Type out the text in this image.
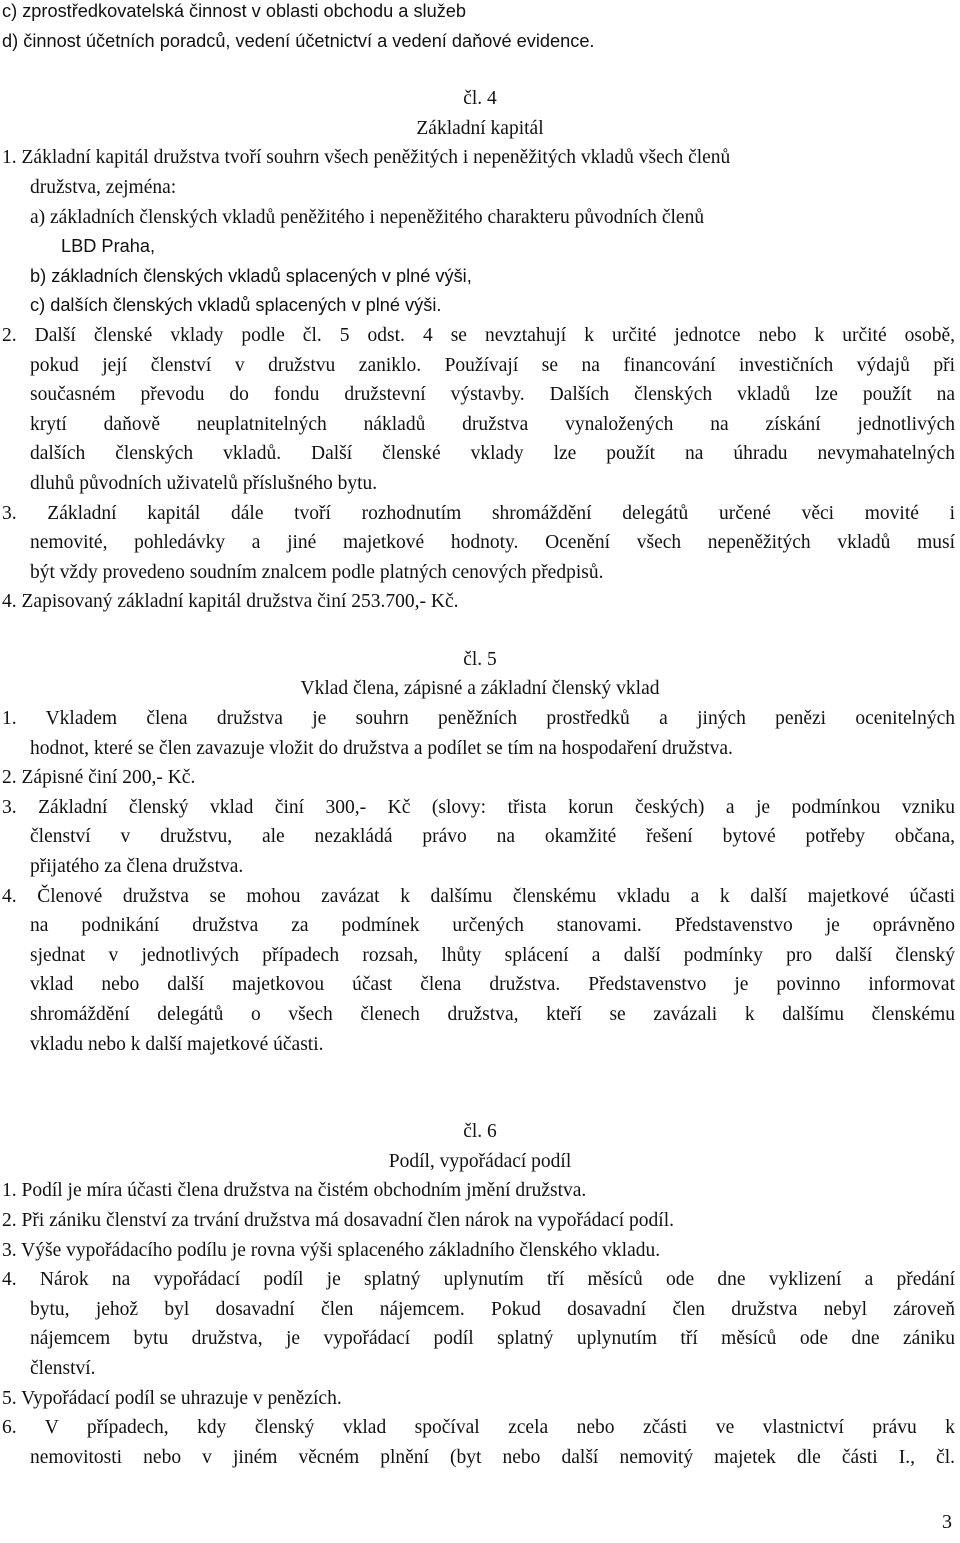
c) zprostředkovatelská činnost v oblasti obchodu a služeb
d) činnost účetních poradců, vedení účetnictví a vedení daňové evidence.
čl. 4
Základní kapitál
1. Základní kapitál družstva tvoří souhrn všech peněžitých i nepeněžitých vkladů všech členů
družstva, zejména:
a) základních členských vkladů peněžitého i nepeněžitého charakteru původních členů
LBD Praha,
b) základních členských vkladů splacených v plné výši,
c) dalších členských vkladů splacených v plné výši.
2. Další členské vklady podle čl. 5 odst. 4 se nevztahují k určité jednotce nebo k určité osobě,
pokud její členství v družstvu zaniklo. Používají se na financování investičních výdajů při
současném převodu do fondu družstevní výstavby. Dalších členských vkladů lze použít na
krytí daňově neuplatnitelných nákladů družstva vynaložených na získání jednotlivých
dalších členských vkladů. Další členské vklady lze použít na úhradu nevymahatelných
dluhů původních uživatelů příslušného bytu.
3. Základní kapitál dále tvoří rozhodnutím shromáždění delegátů určené věci movité i
nemovité, pohledávky a jiné majetkové hodnoty. Ocenění všech nepeněžitých vkladů musí
být vždy provedeno soudním znalcem podle platných cenových předpisů.
4. Zapisovaný základní kapitál družstva činí 253.700,- Kč.
čl. 5
Vklad člena, zápisné a základní členský vklad
1. Vkladem člena družstva je souhrn peněžních prostředků a jiných penězi ocenitelných
hodnot, které se člen zavazuje vložit do družstva a podílet se tím na hospodaření družstva.
2. Zápisné činí 200,- Kč.
3. Základní členský vklad činí 300,- Kč (slovy: třista korun českých) a je podmínkou vzniku
členství v družstvu, ale nezakládá právo na okamžité řešení bytové potřeby občana,
přijatého za člena družstva.
4. Členové družstva se mohou zavázat k dalšímu členskému vkladu a k další majetkové účasti
na podnikání družstva za podmínek určených stanovami. Představenstvo je oprávněno
sjednat v jednotlivých případech rozsah, lhůty splácení a další podmínky pro další členský
vklad nebo další majetkovou účast člena družstva. Představenstvo je povinno informovat
shromáždění delegátů o všech členech družstva, kteří se zavázali k dalšímu členskému
vkladu nebo k další majetkové účasti.
čl. 6
Podíl, vypořádací podíl
1. Podíl je míra účasti člena družstva na čistém obchodním jmění družstva.
2. Při zániku členství za trvání družstva má dosavadní člen nárok na vypořádací podíl.
3. Výše vypořádacího podílu je rovna výši splaceného základního členského vkladu.
4. Nárok na vypořádací podíl je splatný uplynutím tří měsíců ode dne vyklizení a předání
bytu, jehož byl dosavadní člen nájemcem. Pokud dosavadní člen družstva nebyl zároveň
nájemcem bytu družstva, je vypořádací podíl splatný uplynutím tří měsíců ode dne zániku
členství.
5. Vypořádací podíl se uhrazuje v penězích.
6. V případech, kdy členský vklad spočíval zcela nebo zčásti ve vlastnictví právu k
nemovitosti nebo v jiném věcném plnění (byt nebo další nemovitý majetek dle části I., čl.
3
